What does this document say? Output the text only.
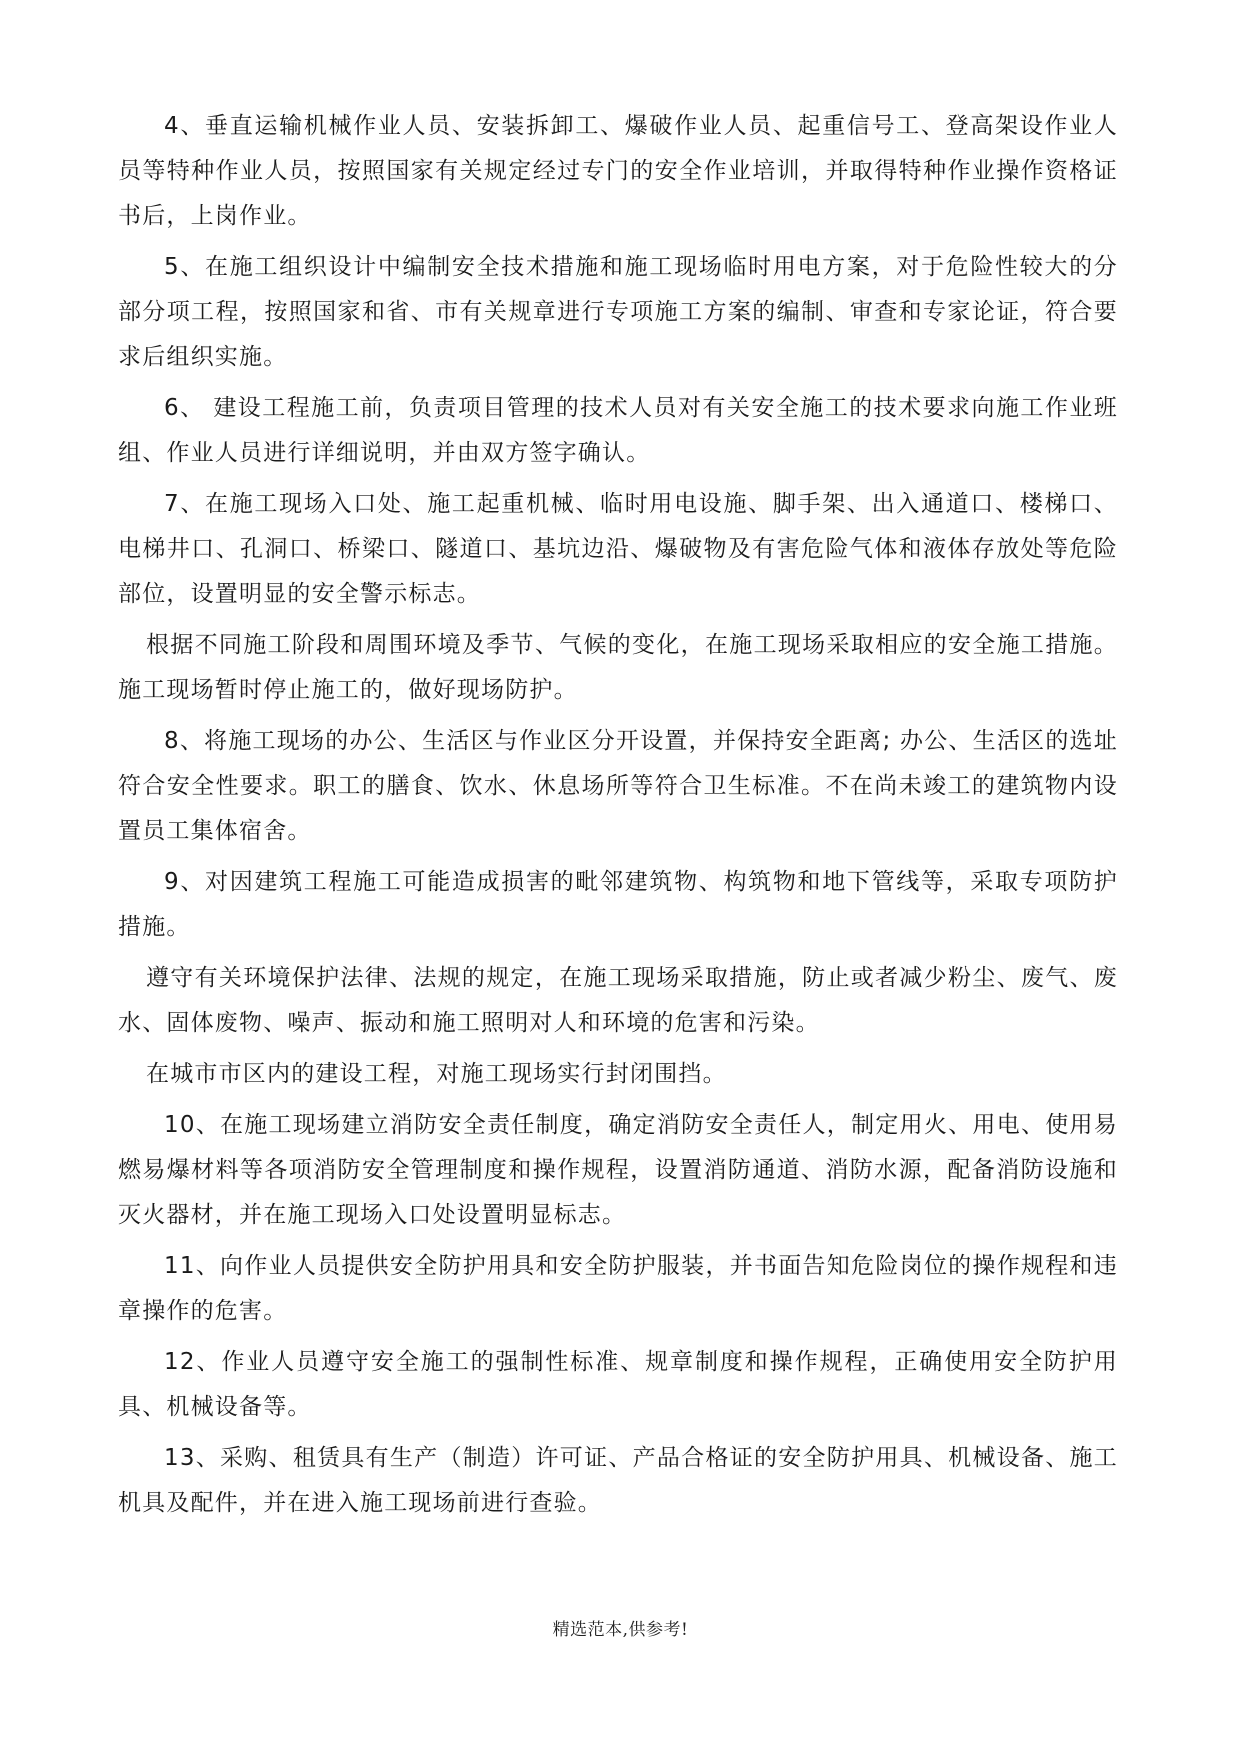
4、垂直运输机械作业人员、安装拆卸工、爆破作业人员、起重信号工、登高架设作业人员等特种作业人员，按照国家有关规定经过专门的安全作业培训，并取得特种作业操作资格证书后，上岗作业。

5、在施工组织设计中编制安全技术措施和施工现场临时用电方案，对于危险性较大的分部分项工程，按照国家和省、市有关规章进行专项施工方案的编制、审查和专家论证，符合要求后组织实施。

6、 建设工程施工前，负责项目管理的技术人员对有关安全施工的技术要求向施工作业班组、作业人员进行详细说明，并由双方签字确认。

7、在施工现场入口处、施工起重机械、临时用电设施、脚手架、出入通道口、楼梯口、电梯井口、孔洞口、桥梁口、隧道口、基坑边沿、爆破物及有害危险气体和液体存放处等危险部位，设置明显的安全警示标志。

根据不同施工阶段和周围环境及季节、气候的变化，在施工现场采取相应的安全施工措施。施工现场暂时停止施工的，做好现场防护。

8、将施工现场的办公、生活区与作业区分开设置，并保持安全距离; 办公、生活区的选址符合安全性要求。职工的膳食、饮水、休息场所等符合卫生标准。不在尚未竣工的建筑物内设置员工集体宿舍。

9、对因建筑工程施工可能造成损害的毗邻建筑物、构筑物和地下管线等，采取专项防护措施。

遵守有关环境保护法律、法规的规定，在施工现场采取措施，防止或者减少粉尘、废气、废水、固体废物、噪声、振动和施工照明对人和环境的危害和污染。

在城市市区内的建设工程，对施工现场实行封闭围挡。

10、在施工现场建立消防安全责任制度，确定消防安全责任人，制定用火、用电、使用易燃易爆材料等各项消防安全管理制度和操作规程，设置消防通道、消防水源，配备消防设施和灭火器材，并在施工现场入口处设置明显标志。

11、向作业人员提供安全防护用具和安全防护服装，并书面告知危险岗位的操作规程和违章操作的危害。

12、作业人员遵守安全施工的强制性标准、规章制度和操作规程，正确使用安全防护用具、机械设备等。

13、采购、租赁具有生产（制造）许可证、产品合格证的安全防护用具、机械设备、施工机具及配件，并在进入施工现场前进行查验。

精选范本,供参考!
